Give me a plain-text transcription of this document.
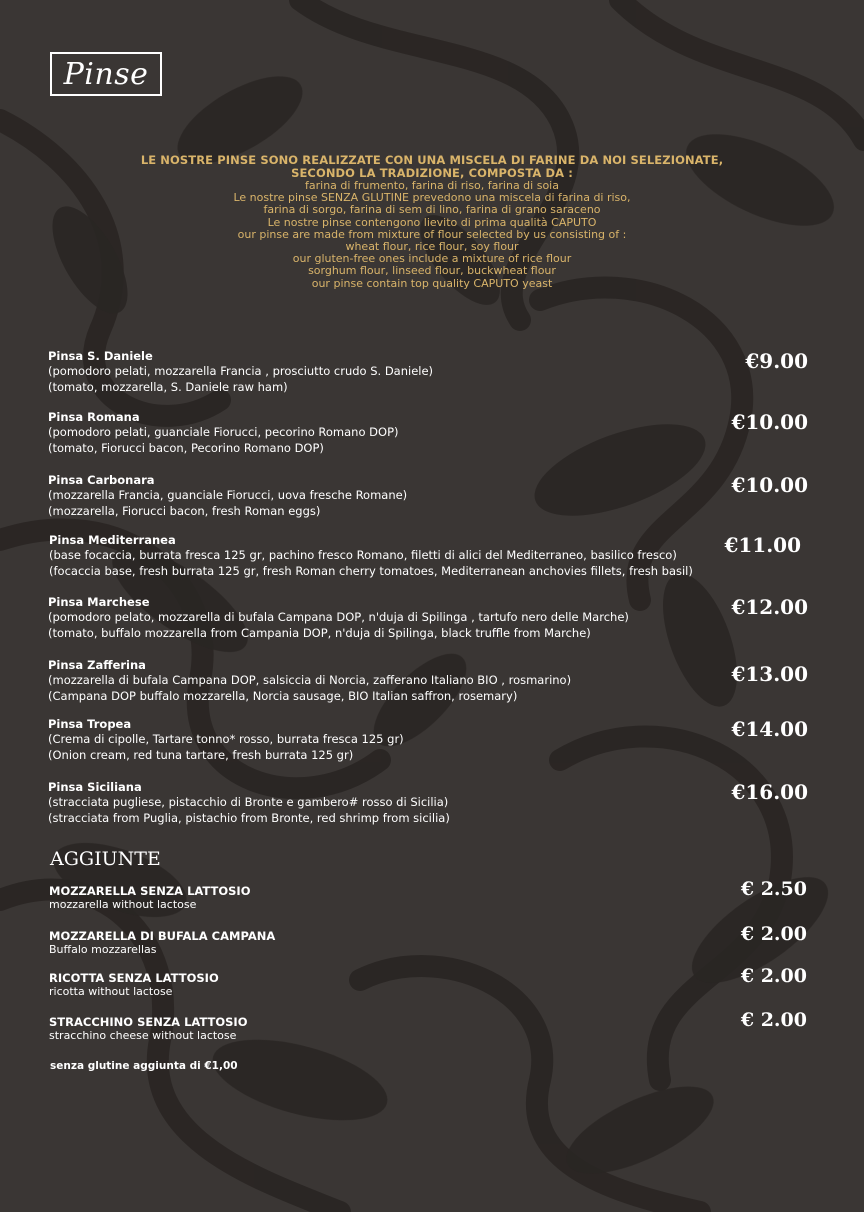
Pinse
LE NOSTRE PINSE SONO REALIZZATE CON UNA MISCELA DI FARINE DA NOI SELEZIONATE,
SECONDO LA TRADIZIONE, COMPOSTA DA :
farina di frumento, farina di riso, farina di soia
Le nostre pinse SENZA GLUTINE prevedono una miscela di farina di riso,
farina di sorgo, farina di sem di lino, farina di grano saraceno
Le nostre pinse contengono lievito di prima qualità CAPUTO
our pinse are made from mixture of flour selected by us consisting of :
wheat flour, rice flour, soy flour
our gluten-free ones include a mixture of rice flour
sorghum flour, linseed flour, buckwheat flour
our pinse contain top quality CAPUTO yeast
Pinsa S. Daniele
(pomodoro pelati, mozzarella Francia , prosciutto crudo S. Daniele)
(tomato, mozzarella, S. Daniele raw ham)
€9.00
Pinsa Romana
(pomodoro pelati, guanciale Fiorucci, pecorino Romano DOP)
(tomato, Fiorucci bacon, Pecorino Romano DOP)
€10.00
Pinsa Carbonara
(mozzarella Francia, guanciale Fiorucci, uova fresche Romane)
(mozzarella, Fiorucci bacon, fresh Roman eggs)
€10.00
Pinsa Mediterranea
(base focaccia, burrata fresca 125 gr, pachino fresco Romano, filetti di alici del Mediterraneo, basilico fresco)
(focaccia base, fresh burrata 125 gr, fresh Roman cherry tomatoes, Mediterranean anchovies fillets, fresh basil)
€11.00
Pinsa Marchese
(pomodoro pelato, mozzarella di bufala Campana DOP, n'duja di Spilinga , tartufo nero delle Marche)
(tomato, buffalo mozzarella from Campania DOP, n'duja di Spilinga, black truffle from Marche)
€12.00
Pinsa Zafferina
(mozzarella di bufala Campana DOP, salsiccia di Norcia, zafferano Italiano BIO , rosmarino)
(Campana DOP buffalo mozzarella, Norcia sausage, BIO Italian saffron, rosemary)
€13.00
Pinsa Tropea
(Crema di cipolle, Tartare tonno* rosso, burrata fresca 125 gr)
(Onion cream, red tuna tartare, fresh burrata 125 gr)
€14.00
Pinsa Siciliana
(stracciata pugliese, pistacchio di Bronte e gambero# rosso di Sicilia)
(stracciata from Puglia, pistachio from Bronte, red shrimp from sicilia)
€16.00
AGGIUNTE
MOZZARELLA SENZA LATTOSIO
mozzarella without lactose
€ 2.50
MOZZARELLA DI BUFALA CAMPANA
Buffalo mozzarellas
€ 2.00
RICOTTA SENZA LATTOSIO
ricotta without lactose
€ 2.00
STRACCHINO SENZA LATTOSIO
stracchino cheese without lactose
€ 2.00
senza glutine aggiunta di €1,00
